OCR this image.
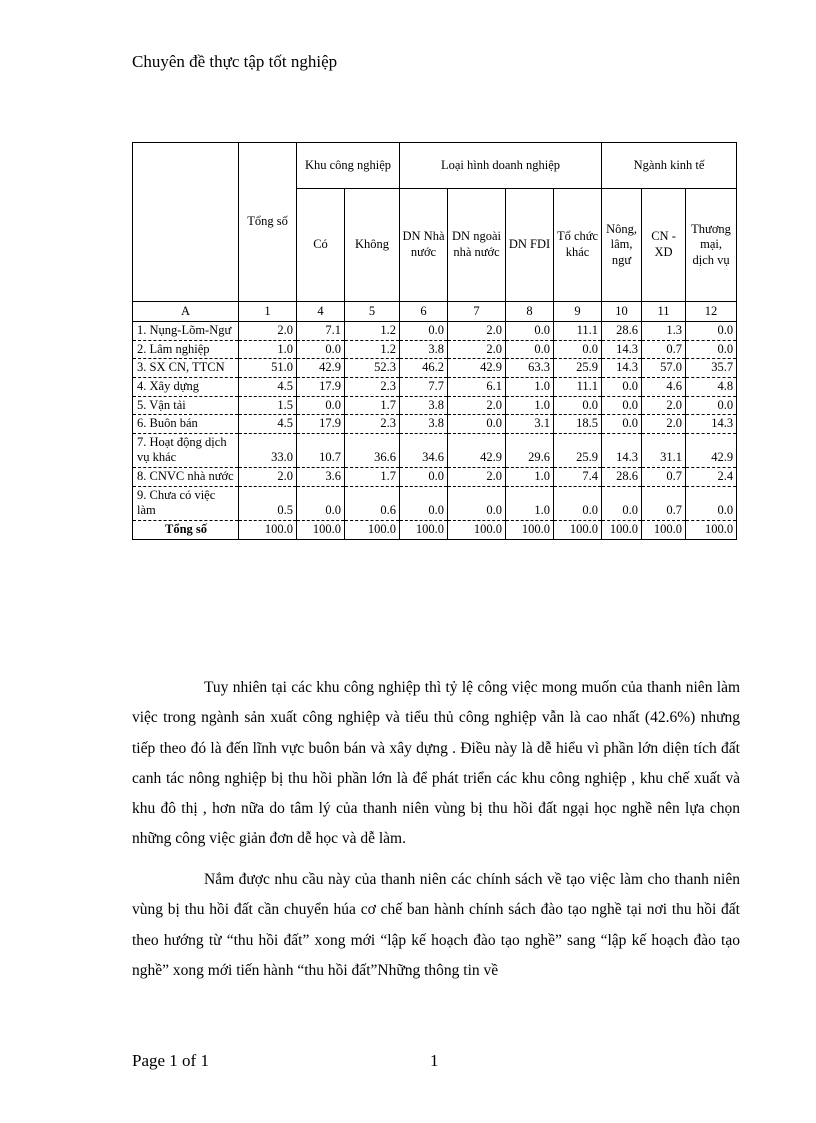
Chuyên đề thực tập tốt nghiệp
	Tổng số	Khu công nghiệp		Loại hình doanh nghiệp				Ngành kinh tế		
		Có	Không	DN Nhà nước	DN ngoài nhà nước	DN FDI	Tổ chức khác	Nông, lâm, ngư	CN - XD	Thương mại, dịch vụ
A	1	4	5	6	7	8	9	10	11	12
1. Nụng-Lõm-Ngư	2.0	7.1	1.2	0.0	2.0	0.0	11.1	28.6	1.3	0.0
2. Lâm nghiệp	1.0	0.0	1.2	3.8	2.0	0.0	0.0	14.3	0.7	0.0
3. SX CN, TTCN	51.0	42.9	52.3	46.2	42.9	63.3	25.9	14.3	57.0	35.7
4. Xây dựng	4.5	17.9	2.3	7.7	6.1	1.0	11.1	0.0	4.6	4.8
5. Vận tải	1.5	0.0	1.7	3.8	2.0	1.0	0.0	0.0	2.0	0.0
6. Buôn bán	4.5	17.9	2.3	3.8	0.0	3.1	18.5	0.0	2.0	14.3
7. Hoạt động dịch vụ khác	33.0	10.7	36.6	34.6	42.9	29.6	25.9	14.3	31.1	42.9
8. CNVC nhà nước	2.0	3.6	1.7	0.0	2.0	1.0	7.4	28.6	0.7	2.4
9. Chưa có việc làm	0.5	0.0	0.6	0.0	0.0	1.0	0.0	0.0	0.7	0.0
Tổng số	100.0	100.0	100.0	100.0	100.0	100.0	100.0	100.0	100.0	100.0

Tuy nhiên tại các khu công nghiệp thì tỷ lệ công việc mong muốn của thanh niên làm việc trong ngành sản xuất công nghiệp và tiểu thủ công nghiệp vẫn là cao nhất (42.6%) nhưng tiếp theo đó là đến lĩnh vực buôn bán và xây dựng . Điều này là dễ hiểu vì phần lớn diện tích đất canh tác nông nghiệp bị thu hồi phần lớn là để phát triển các khu công nghiệp , khu chế xuất và khu đô thị , hơn nữa do tâm lý của thanh niên vùng bị thu hồi đất ngại học nghề nên lựa chọn những công việc giản đơn dễ học và dễ làm.

Nắm được nhu cầu này của thanh niên các chính sách về tạo việc làm cho thanh niên vùng bị thu hồi đất cần chuyển húa cơ chế ban hành chính sách đào tạo nghề tại nơi thu hồi đất theo hướng từ “thu hồi đất” xong mới “lập kế hoạch đào tạo nghề” sang “lập kế hoạch đào tạo nghề” xong mới tiến hành “thu hồi đất”Những thông tin về

Page 1 of 1	1
